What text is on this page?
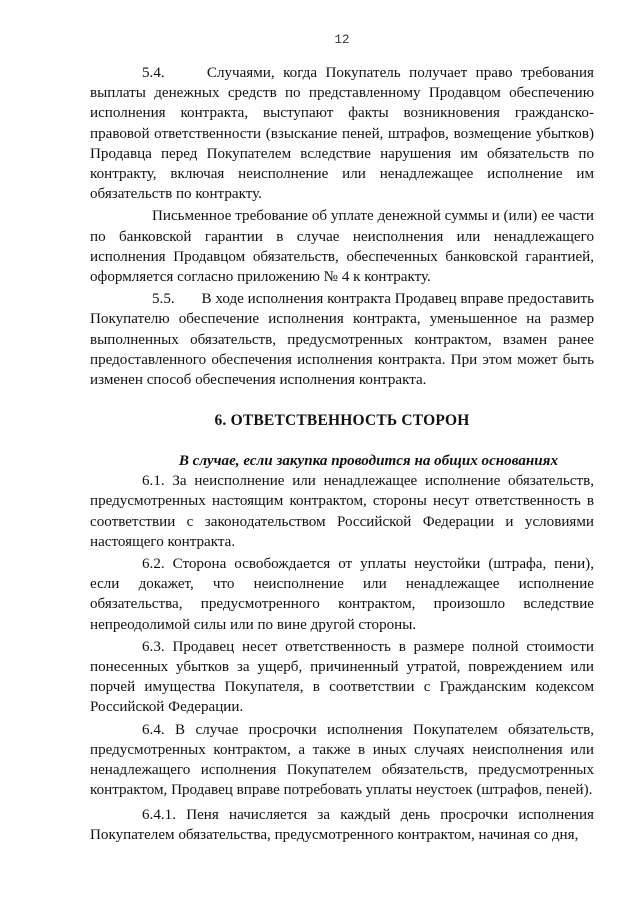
12

5.4.     Случаями, когда Покупатель получает право требования выплаты денежных средств по представленному Продавцом обеспечению исполнения контракта, выступают факты возникновения гражданско-правовой ответственности (взыскание пеней, штрафов, возмещение убытков) Продавца перед Покупателем вследствие нарушения им обязательств по контракту, включая неисполнение или ненадлежащее исполнение им обязательств по контракту.

Письменное требование об уплате денежной суммы и (или) ее части по банковской гарантии в случае неисполнения или ненадлежащего исполнения Продавцом обязательств, обеспеченных банковской гарантией, оформляется согласно приложению № 4 к контракту.

5.5.       В ходе исполнения контракта Продавец вправе предоставить Покупателю обеспечение исполнения контракта, уменьшенное на размер выполненных обязательств, предусмотренных контрактом, взамен ранее предоставленного обеспечения исполнения контракта. При этом может быть изменен способ обеспечения исполнения контракта.

6. ОТВЕТСТВЕННОСТЬ СТОРОН
В случае, если закупка проводится на общих основаниях

6.1. За неисполнение или ненадлежащее исполнение обязательств, предусмотренных настоящим контрактом, стороны несут ответственность в соответствии с законодательством Российской Федерации и условиями настоящего контракта.

6.2. Сторона освобождается от уплаты неустойки (штрафа, пени), если докажет, что неисполнение или ненадлежащее исполнение обязательства, предусмотренного контрактом, произошло вследствие непреодолимой силы или по вине другой стороны.

6.3. Продавец несет ответственность в размере полной стоимости понесенных убытков за ущерб, причиненный утратой, повреждением или порчей имущества Покупателя, в соответствии с Гражданским кодексом Российской Федерации.

6.4. В случае просрочки исполнения Покупателем обязательств, предусмотренных контрактом, а также в иных случаях неисполнения или ненадлежащего исполнения Покупателем обязательств, предусмотренных контрактом, Продавец вправе потребовать уплаты неустоек (штрафов, пеней).

6.4.1. Пеня начисляется за каждый день просрочки исполнения Покупателем обязательства, предусмотренного контрактом, начиная со дня,
